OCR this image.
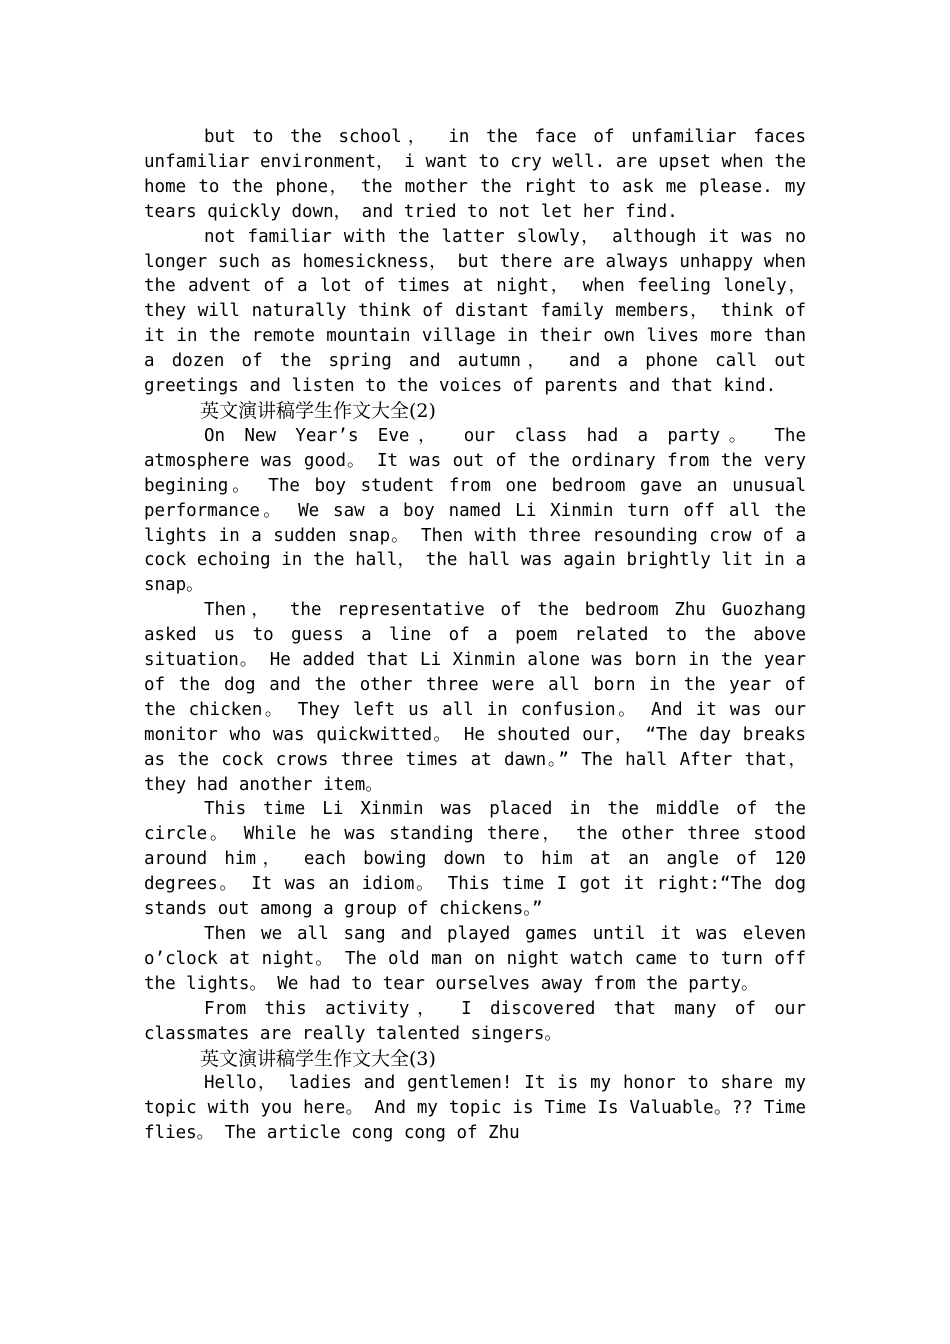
but to the school， in the face of unfamiliar faces unfamiliar environment， i want to cry well. are upset when the home to the phone， the mother the right to ask me please. my tears quickly down， and tried to not let her find.

not familiar with the latter slowly， although it was no longer such as homesickness， but there are always unhappy when the advent of a lot of times at night， when feeling lonely， they will naturally think of distant family members， think of it in the remote mountain village in their own lives more than a dozen of the spring and autumn， and a phone call out greetings and listen to the voices of parents and that kind.

英文演讲稿学生作文大全(2)

On New Year’s Eve， our class had a party。 The atmosphere was good。 It was out of the ordinary from the very begining。 The boy student from one bedroom gave an unusual performance。 We saw a boy named Li Xinmin turn off all the lights in a sudden snap。 Then with three resounding crow of a cock echoing in the hall， the hall was again brightly lit in a snap。

Then， the representative of the bedroom Zhu Guozhang asked us to guess a line of a poem related to the above situation。 He added that Li Xinmin alone was born in the year of the dog and the other three were all born in the year of the chicken。 They left us all in confusion。 And it was our monitor who was quickwitted。 He shouted our， “The day breaks as the cock crows three times at dawn。” The hall After that， they had another item。

This time Li Xinmin was placed in the middle of the circle。 While he was standing there， the other three stood around him， each bowing down to him at an angle of 120 degrees。 It was an idiom。 This time I got it right:“The dog stands out among a group of chickens。”

Then we all sang and played games until it was eleven o’clock at night。 The old man on night watch came to turn off the lights。 We had to tear ourselves away from the party。

From this activity， I discovered that many of our classmates are really talented singers。

英文演讲稿学生作文大全(3)

Hello， ladies and gentlemen! It is my honor to share my topic with you here。 And my topic is Time Is Valuable。?? Time flies。 The article cong cong of Zhu
